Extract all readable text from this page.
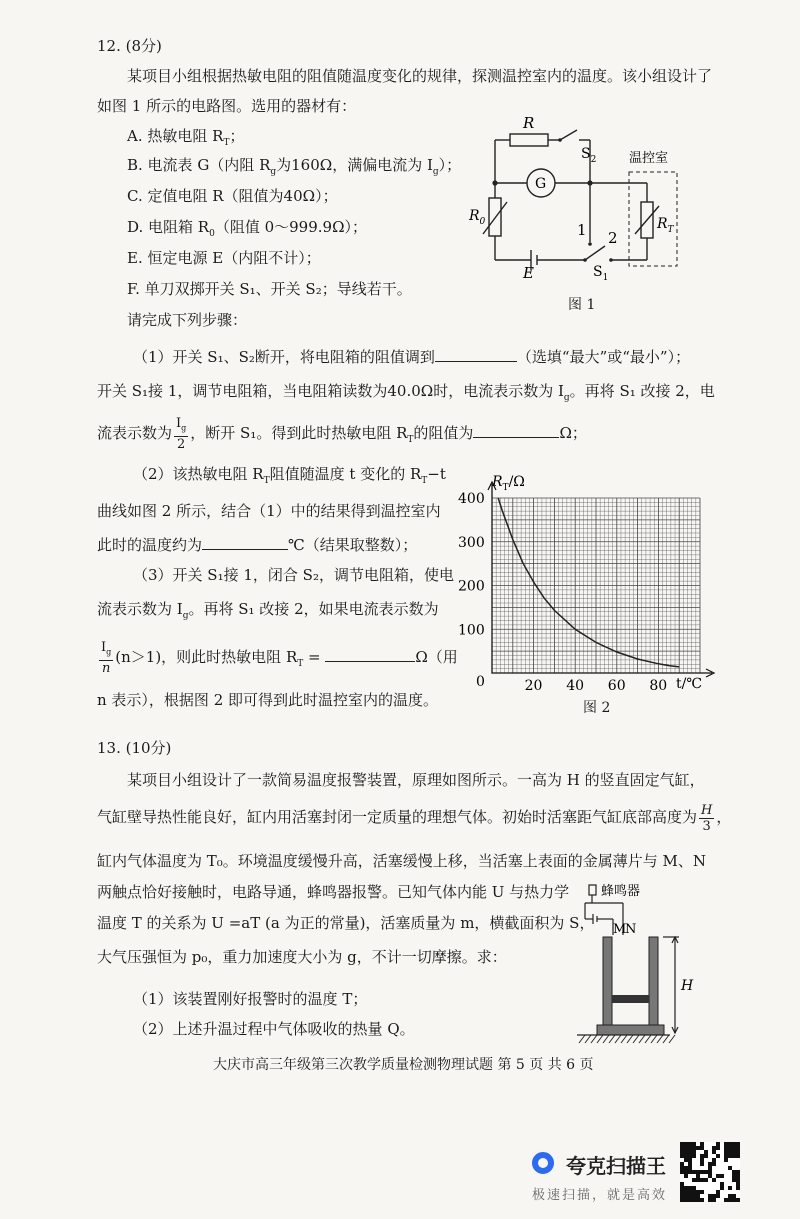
12. (8分)
某项目小组根据热敏电阻的阻值随温度变化的规律，探测温控室内的温度。该小组设计了
如图 1 所示的电路图。选用的器材有：
A. 热敏电阻 $R_T$；
B. 电流表 G（内阻 $R_g$为160Ω，满偏电流为 $I_g$）；
C. 定值电阻 R（阻值为40Ω）；
D. 电阻箱 $R_0$（阻值 0～999.9Ω）；
E. 恒定电源 E（内阻不计）；
F. 单刀双掷开关 S₁、开关 S₂；导线若干。
请完成下列步骤：
（1）开关 S₁、S₂断开，将电阻箱的阻值调到	（选填“最大”或“最小”）；
开关 S₁接 1，调节电阻箱，当电阻箱读数为40.0Ω时，电流表示数为 $I_g$。再将 S₁ 改接 2，电
流表示数为 $\frac{I_g}{2}$ ，断开 S₁。得到此时热敏电阻 $R_T$的阻值为	Ω；
（2）该热敏电阻 $R_T$阻值随温度 t 变化的 $R_T-t$
曲线如图 2 所示，结合（1）中的结果得到温控室内
此时的温度约为	℃（结果取整数）；
（3）开关 S₁接 1，闭合 S₂，调节电阻箱，使电
流表示数为 $I_g$。再将 S₁ 改接 2，如果电流表示数为
$\frac{I_g}{n} (n>1)$，则此时热敏电阻 $R_T$ =	Ω（用
n 表示），根据图 2 即可得到此时温控室内的温度。
R
$S_2$
G
$R_0$	1 2
E	$S_1$
温控室
$R_T$
图 1
20 40 60 80
100
200
300
400
$R_T/\Omega$
t/℃
0
图 2
13. (10分)
某项目小组设计了一款简易温度报警装置，原理如图所示。一高为 H 的竖直固定气缸，
气缸壁导热性能良好，缸内用活塞封闭一定质量的理想气体。初始时活塞距气缸底部高度为 $\frac{H}{3}$ ，
缸内气体温度为 T₀。环境温度缓慢升高，活塞缓慢上移，当活塞上表面的金属薄片与 M、N
两触点恰好接触时，电路导通，蜂鸣器报警。已知气体内能 U 与热力学
温度 T 的关系为 U =aT (a 为正的常量)，活塞质量为 m，横截面积为 S，
大气压强恒为 p₀，重力加速度大小为 g，不计一切摩擦。求：
（1）该装置刚好报警时的温度 T；
（2）上述升温过程中气体吸收的热量 Q。
M
N
蜂鸣器
H
大庆市高三年级第三次教学质量检测物理试题 第 5 页 共 6 页
夸克扫描王
极速扫描，就是高效
